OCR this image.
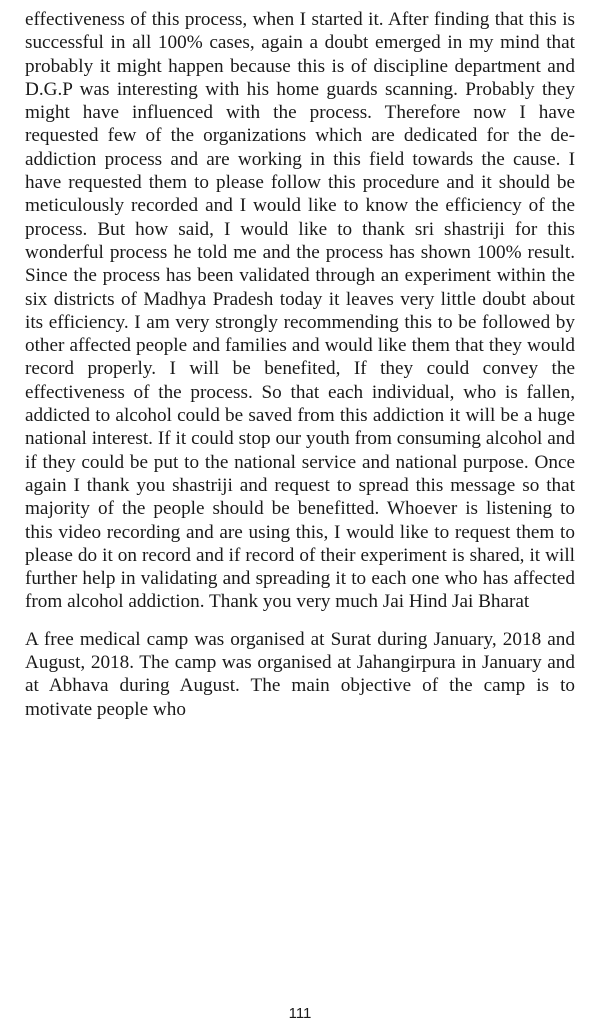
effectiveness of this process, when I started it. After finding that this is successful in all 100% cases, again a doubt emerged in my mind that probably it might happen because this is of discipline department and D.G.P was interesting with his home guards scanning. Probably they might have influenced with the process. Therefore now I have requested few of the organizations which are dedicated for the de-addiction process and are working in this field towards the cause. I have requested them to please follow this procedure and it should be meticulously recorded and I would like to know the efficiency of the process. But how said, I would like to thank sri shastriji for this wonderful process he told me and the process has shown 100% result. Since the process has been validated through an experiment within the six districts of Madhya Pradesh today it leaves very little doubt about its efficiency. I am very strongly recommending this to be followed by other affected people and families and would like them that they would record properly. I will be benefited, If they could convey the effectiveness of the process. So that each individual, who is fallen, addicted to alcohol could be saved from this addiction it will be a huge national interest. If it could stop our youth from consuming alcohol and if they could be put to the national service and national purpose. Once again I thank you shastriji and request to spread this message so that majority of the people should be benefitted. Whoever is listening to this video recording and are using this, I would like to request them to please do it on record and if record of their experiment is shared, it will further help in validating and spreading it to each one who has affected from alcohol addiction. Thank you very much Jai Hind Jai Bharat

A free medical camp was organised at Surat during January, 2018 and August, 2018. The camp was organised at Jahangirpura in January and at Abhava during August. The main objective of the camp is to motivate people who

111
